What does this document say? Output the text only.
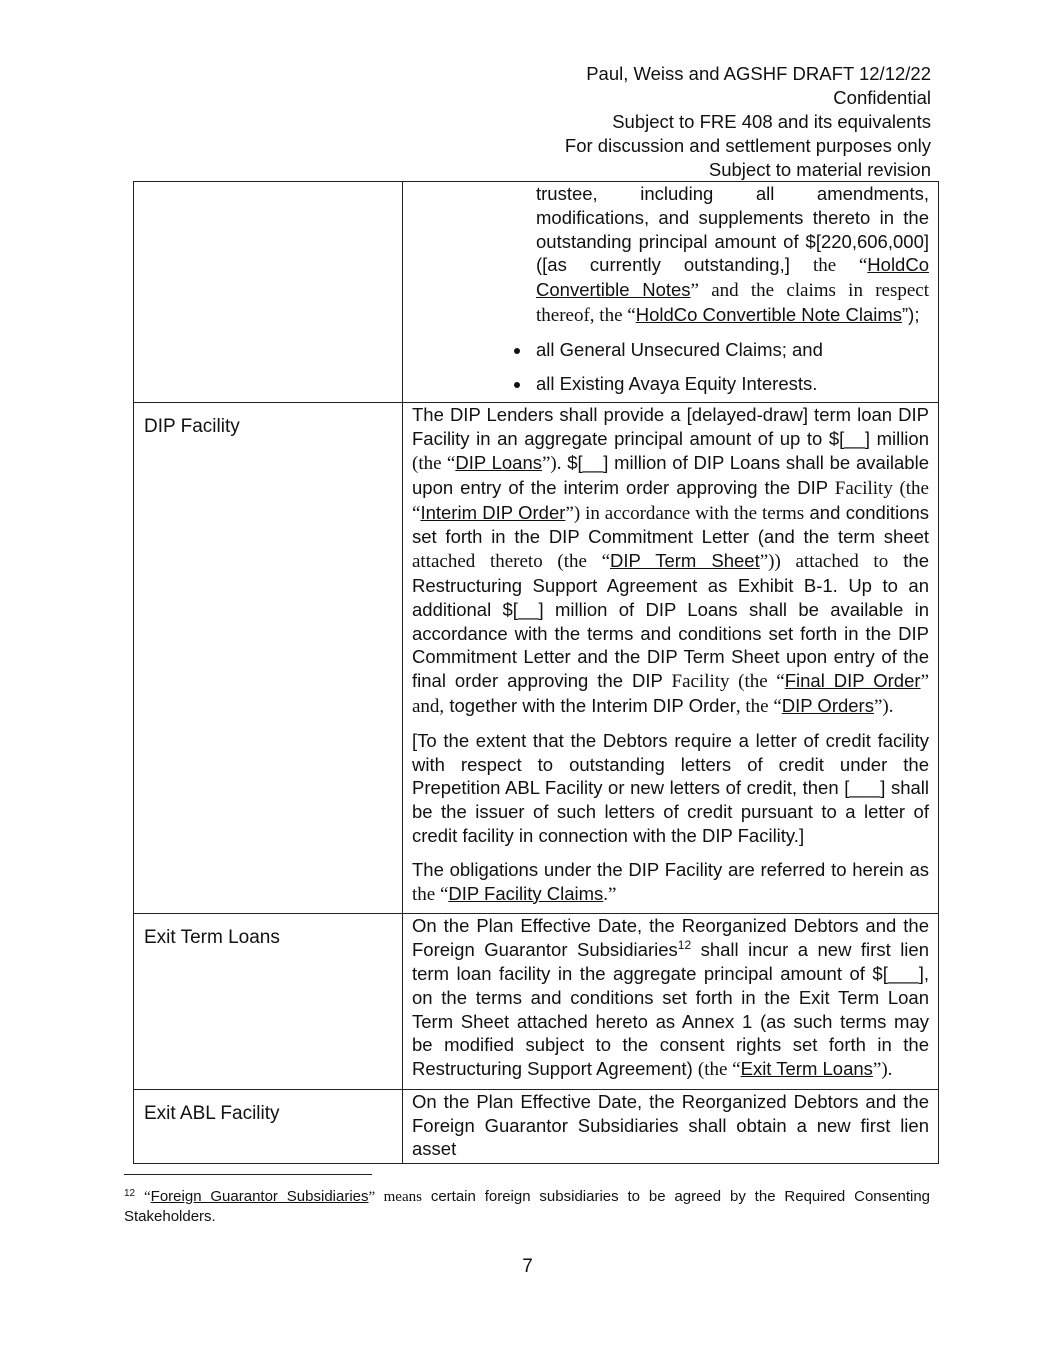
Paul, Weiss and AGSHF DRAFT 12/12/22
Confidential
Subject to FRE 408 and its equivalents
For discussion and settlement purposes only
Subject to material revision

	trustee, including all amendments, modifications, and supplements thereto in the outstanding principal amount of $[220,606,000] ([as currently outstanding,] the “HoldCo Convertible Notes” and the claims in respect thereof, the “HoldCo Convertible Note Claims”);
all General Unsecured Claims; and
all Existing Avaya Equity Interests.

DIP Facility	The DIP Lenders shall provide a [delayed-draw] term loan DIP Facility in an aggregate principal amount of up to $[__] million (the “DIP Loans”). $[__] million of DIP Loans shall be available upon entry of the interim order approving the DIP Facility (the “Interim DIP Order”) in accordance with the terms and conditions set forth in the DIP Commitment Letter (and the term sheet attached thereto (the “DIP Term Sheet”)) attached to the Restructuring Support Agreement as Exhibit B-1. Up to an additional $[__] million of DIP Loans shall be available in accordance with the terms and conditions set forth in the DIP Commitment Letter and the DIP Term Sheet upon entry of the final order approving the DIP Facility (the “Final DIP Order” and, together with the Interim DIP Order, the “DIP Orders”).

[To the extent that the Debtors require a letter of credit facility with respect to outstanding letters of credit under the Prepetition ABL Facility or new letters of credit, then [___] shall be the issuer of such letters of credit pursuant to a letter of credit facility in connection with the DIP Facility.]

The obligations under the DIP Facility are referred to herein as the “DIP Facility Claims.”

Exit Term Loans	On the Plan Effective Date, the Reorganized Debtors and the Foreign Guarantor Subsidiaries$^{12}$ shall incur a new first lien term loan facility in the aggregate principal amount of $[___], on the terms and conditions set forth in the Exit Term Loan Term Sheet attached hereto as Annex 1 (as such terms may be modified subject to the consent rights set forth in the Restructuring Support Agreement) (the “Exit Term Loans”).

Exit ABL Facility	On the Plan Effective Date, the Reorganized Debtors and the Foreign Guarantor Subsidiaries shall obtain a new first lien asset

$^{12}$ “Foreign Guarantor Subsidiaries” means certain foreign subsidiaries to be agreed by the Required Consenting Stakeholders.
7
